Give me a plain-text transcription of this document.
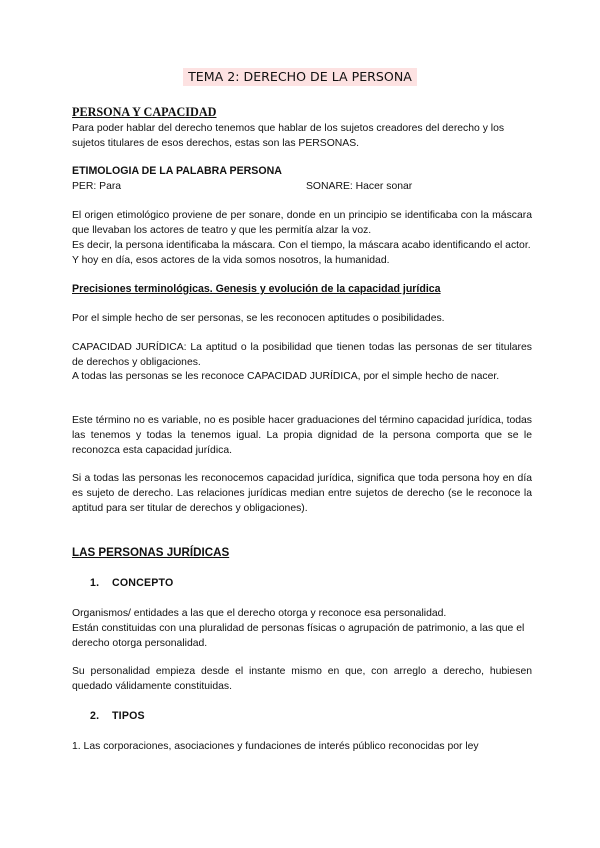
TEMA 2: DERECHO DE LA PERSONA

PERSONA Y CAPACIDAD

Para poder hablar del derecho tenemos que hablar de los sujetos creadores del derecho y los sujetos titulares de esos derechos, estas son las PERSONAS.

ETIMOLOGIA DE LA PALABRA PERSONA

PER: Para	SONARE: Hacer sonar

El origen etimológico proviene de per sonare, donde en un principio se identificaba con la máscara que llevaban los actores de teatro y que les permitía alzar la voz.

Es decir, la persona identificaba la máscara. Con el tiempo, la máscara acabo identificando el actor. Y hoy en día, esos actores de la vida somos nosotros, la humanidad.

Precisiones terminológicas. Genesis y evolución de la capacidad jurídica

Por el simple hecho de ser personas, se les reconocen aptitudes o posibilidades.

CAPACIDAD JURÍDICA: La aptitud o la posibilidad que tienen todas las personas de ser titulares de derechos y obligaciones.

A todas las personas se les reconoce CAPACIDAD JURÍDICA, por el simple hecho de nacer.

Este término no es variable, no es posible hacer graduaciones del término capacidad jurídica, todas las tenemos y todas la tenemos igual. La propia dignidad de la persona comporta que se le reconozca esta capacidad jurídica.

Si a todas las personas les reconocemos capacidad jurídica, significa que toda persona hoy en día es sujeto de derecho. Las relaciones jurídicas median entre sujetos de derecho (se le reconoce la aptitud para ser titular de derechos y obligaciones).

LAS PERSONAS JURÍDICAS

1. CONCEPTO

Organismos/ entidades a las que el derecho otorga y reconoce esa personalidad.

Están constituidas con una pluralidad de personas físicas o agrupación de patrimonio, a las que el derecho otorga personalidad.

Su personalidad empieza desde el instante mismo en que, con arreglo a derecho, hubiesen quedado válidamente constituidas.

2. TIPOS

1. Las corporaciones, asociaciones y fundaciones de interés público reconocidas por ley
